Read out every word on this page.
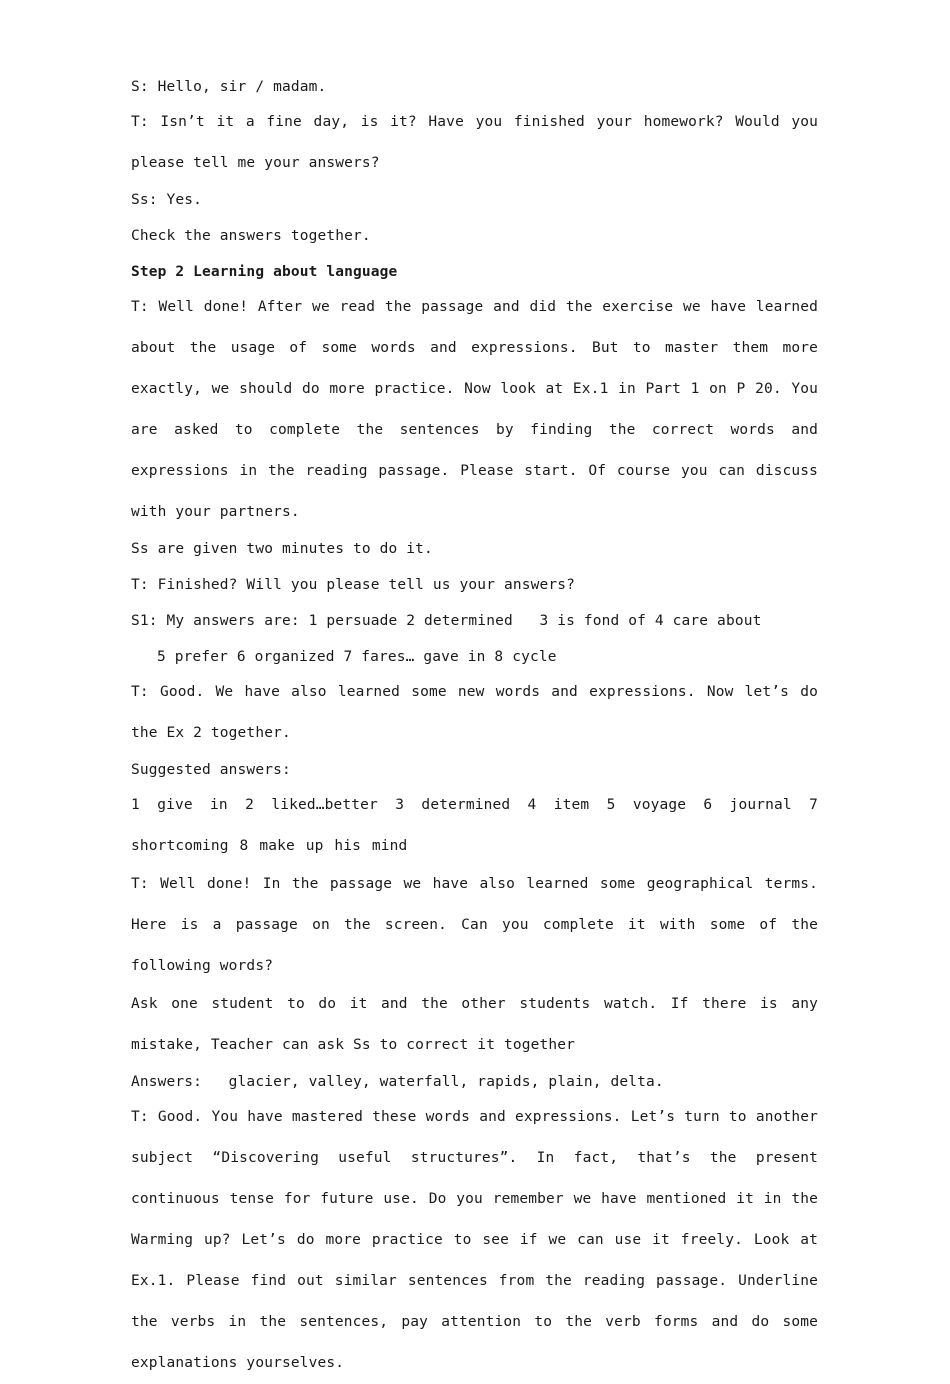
S: Hello, sir / madam.

T: Isn’t it a fine day, is it? Have you finished your homework? Would you please tell me your answers?

Ss: Yes.

Check the answers together.

Step 2 Learning about language

T: Well done! After we read the passage and did the exercise we have learned about the usage of some words and expressions. But to master them more exactly, we should do more practice. Now look at Ex.1 in Part 1 on P 20. You are asked to complete the sentences by finding the correct words and expressions in the reading passage. Please start. Of course you can discuss with your partners.

Ss are given two minutes to do it.

T: Finished? Will you please tell us your answers?

S1: My answers are: 1 persuade 2 determined   3 is fond of 4 care about

5 prefer 6 organized 7 fares… gave in 8 cycle

T: Good. We have also learned some new words and expressions. Now let’s do the Ex 2 together.

Suggested answers:

1 give in 2 liked…better 3 determined 4 item 5 voyage 6 journal 7 shortcoming 8 make up his mind

T: Well done! In the passage we have also learned some geographical terms. Here is a passage on the screen. Can you complete it with some of the following words?

Ask one student to do it and the other students watch. If there is any mistake, Teacher can ask Ss to correct it together

Answers:   glacier, valley, waterfall, rapids, plain, delta.

T: Good. You have mastered these words and expressions. Let’s turn to another subject “Discovering useful structures”. In fact, that’s the present continuous tense for future use. Do you remember we have mentioned it in the Warming up? Let’s do more practice to see if we can use it freely. Look at Ex.1. Please find out similar sentences from the reading passage. Underline the verbs in the sentences, pay attention to the verb forms and do some explanations yourselves.
